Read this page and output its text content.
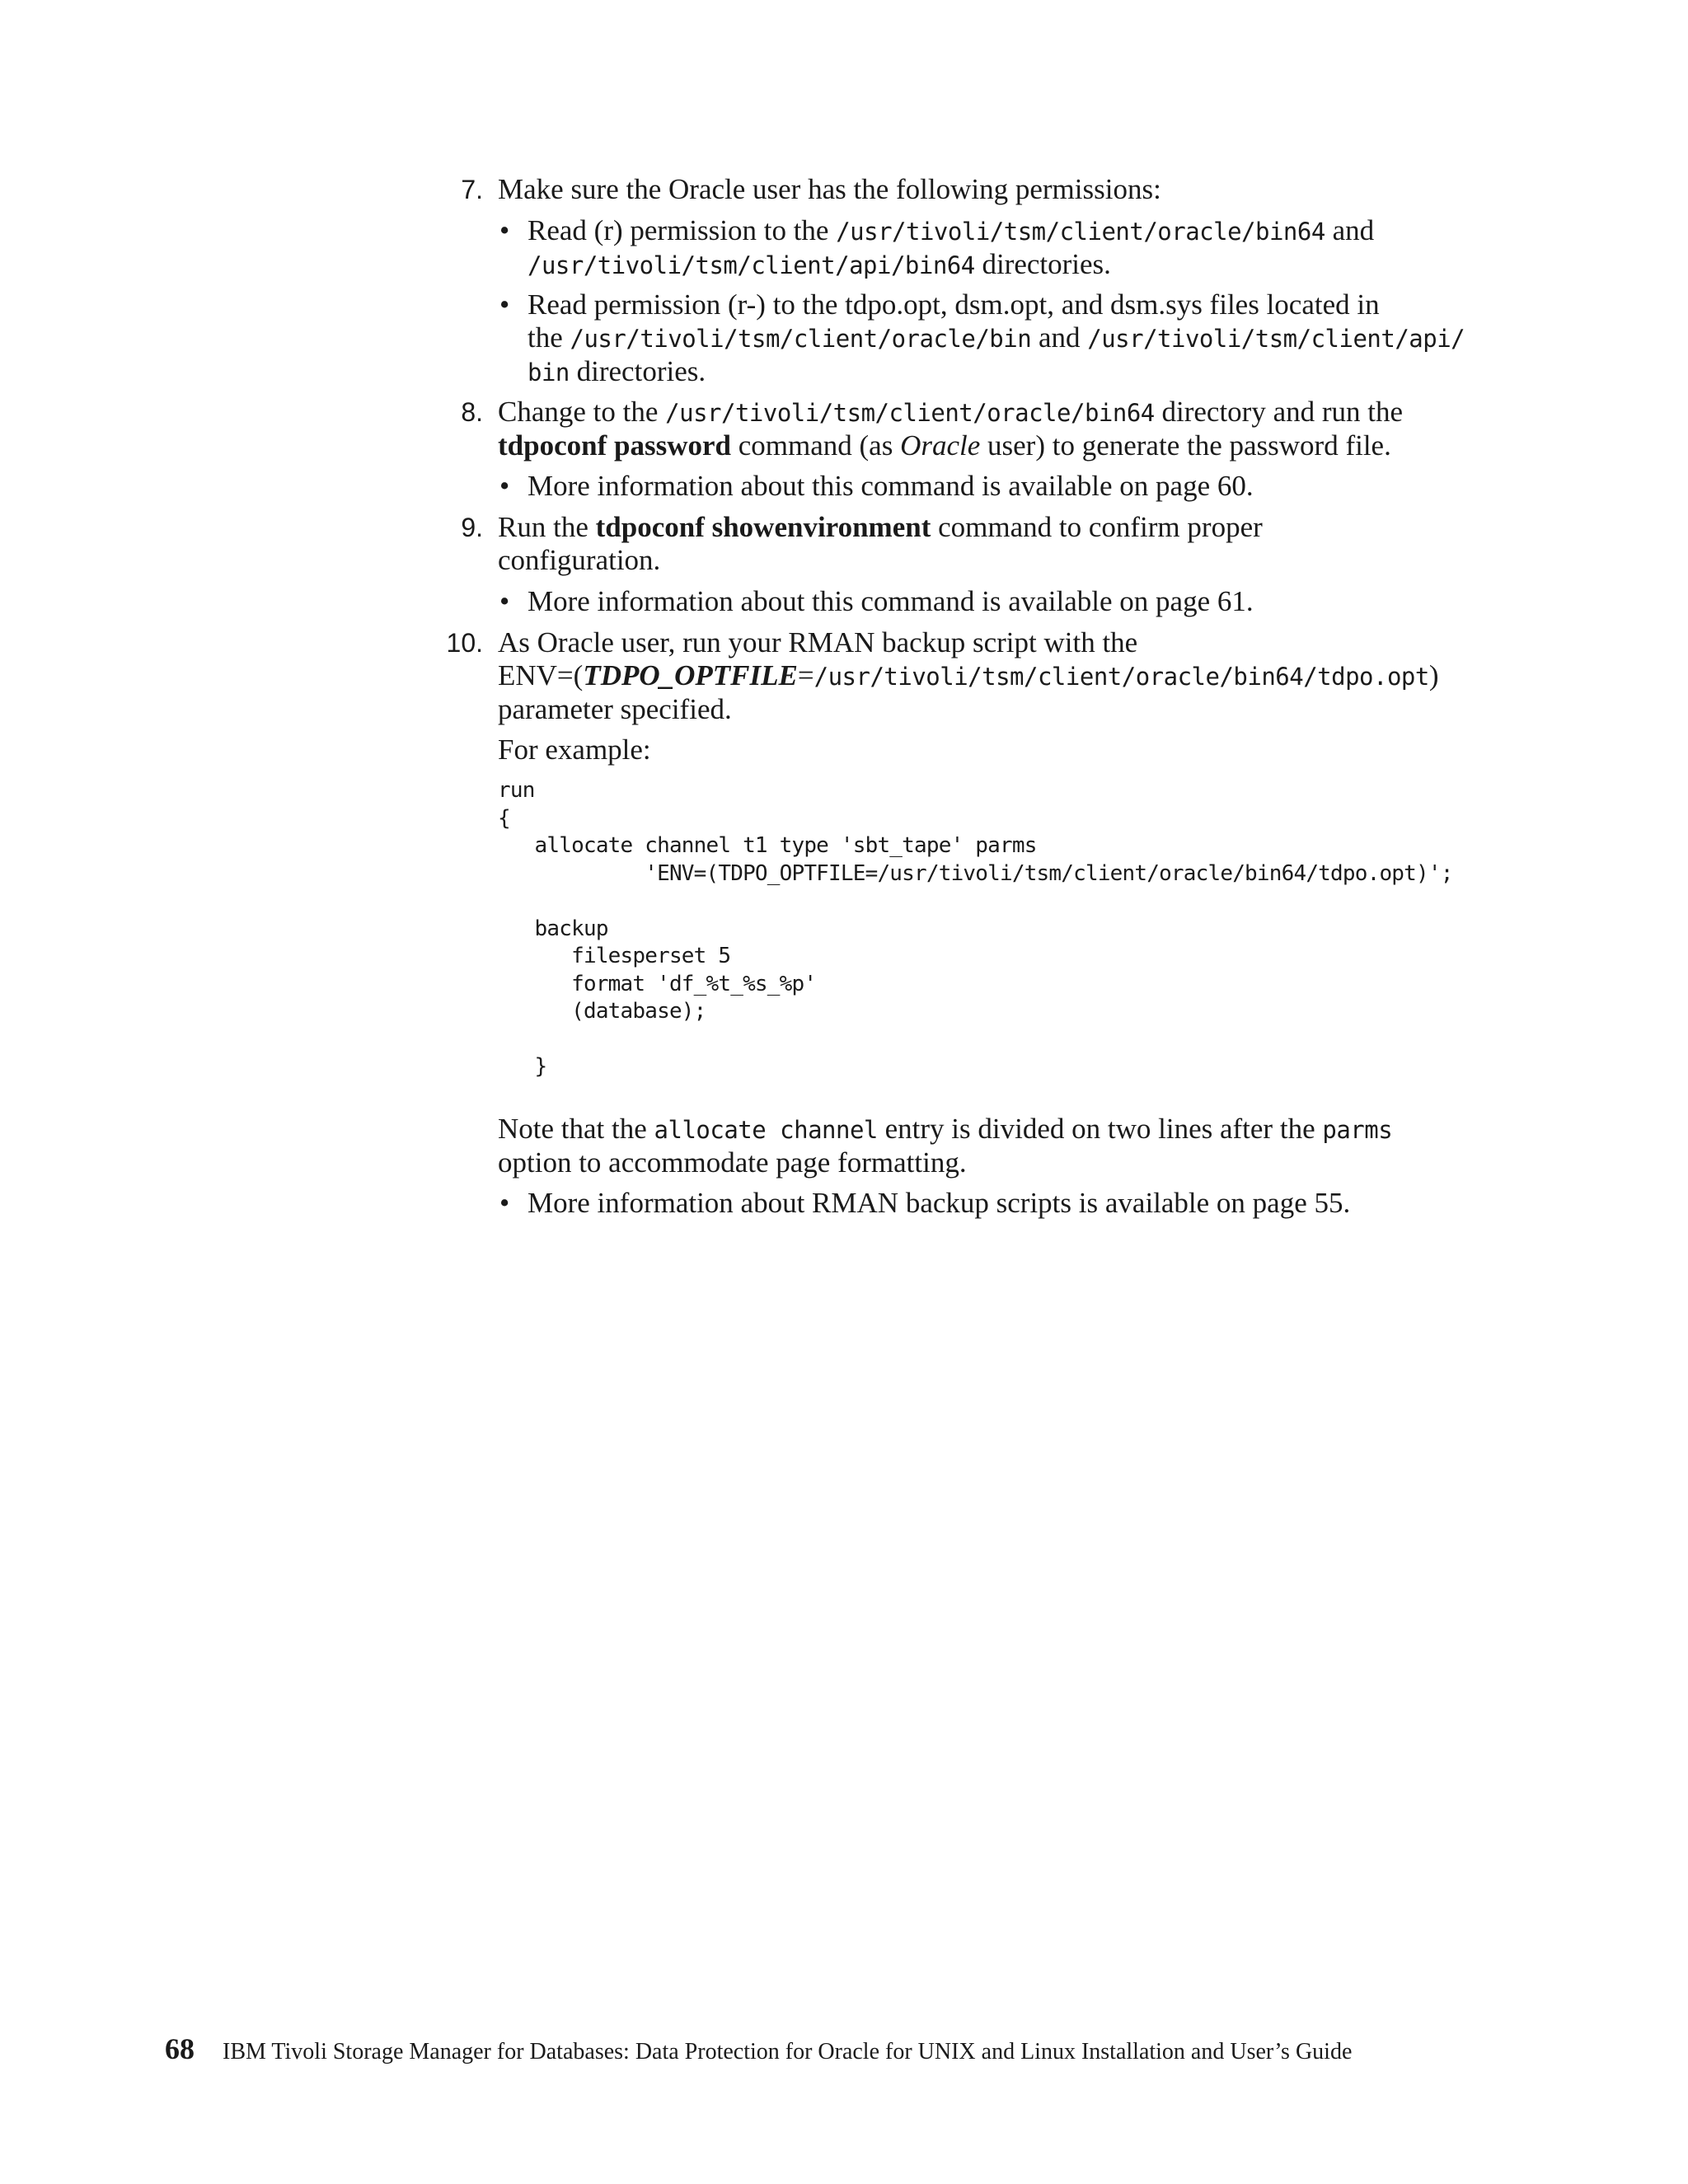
7. Make sure the Oracle user has the following permissions:
• Read (r) permission to the /usr/tivoli/tsm/client/oracle/bin64 and
/usr/tivoli/tsm/client/api/bin64 directories.
• Read permission (r-) to the tdpo.opt, dsm.opt, and dsm.sys files located in
the /usr/tivoli/tsm/client/oracle/bin and /usr/tivoli/tsm/client/api/
bin directories.
8. Change to the /usr/tivoli/tsm/client/oracle/bin64 directory and run the
tdpoconf password command (as Oracle user) to generate the password file.
• More information about this command is available on page 60.
9. Run the tdpoconf showenvironment command to confirm proper
configuration.
• More information about this command is available on page 61.
10. As Oracle user, run your RMAN backup script with the
ENV=(TDPO_OPTFILE=/usr/tivoli/tsm/client/oracle/bin64/tdpo.opt)
parameter specified.
For example:
run
{
allocate channel t1 type 'sbt_tape' parms
'ENV=(TDPO_OPTFILE=/usr/tivoli/tsm/client/oracle/bin64/tdpo.opt)';

backup
filesperset 5
format 'df_%t_%s_%p'
(database);

}
Note that the allocate channel entry is divided on two lines after the parms
option to accommodate page formatting.
• More information about RMAN backup scripts is available on page 55.
68 IBM Tivoli Storage Manager for Databases: Data Protection for Oracle for UNIX and Linux Installation and User’s Guide
